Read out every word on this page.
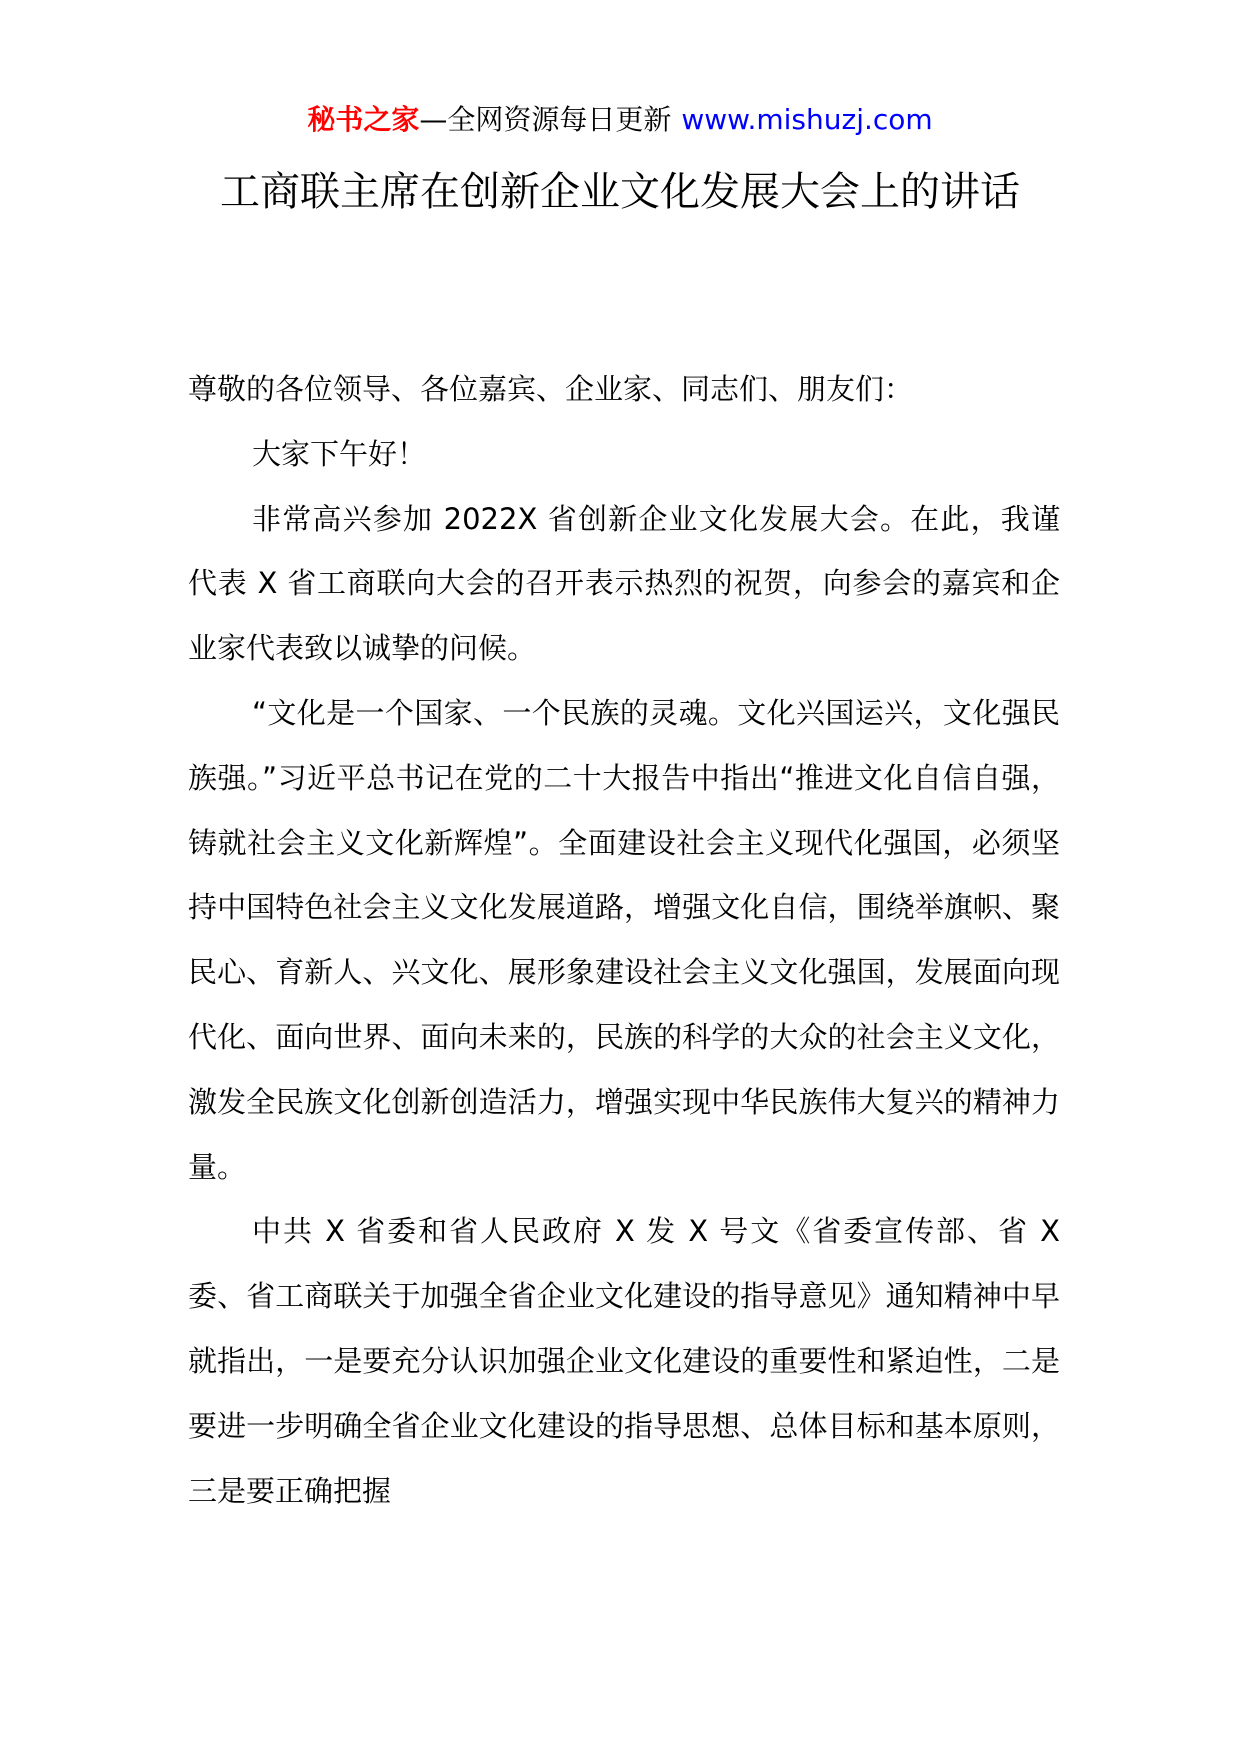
秘书之家—全网资源每日更新 www.mishuzj.com
工商联主席在创新企业文化发展大会上的讲话

尊敬的各位领导、各位嘉宾、企业家、同志们、朋友们：

大家下午好！

非常高兴参加 2022X 省创新企业文化发展大会。在此，我谨代表 X 省工商联向大会的召开表示热烈的祝贺，向参会的嘉宾和企业家代表致以诚挚的问候。

“文化是一个国家、一个民族的灵魂。文化兴国运兴，文化强民族强。”习近平总书记在党的二十大报告中指出“推进文化自信自强，铸就社会主义文化新辉煌”。全面建设社会主义现代化强国，必须坚持中国特色社会主义文化发展道路，增强文化自信，围绕举旗帜、聚民心、育新人、兴文化、展形象建设社会主义文化强国，发展面向现代化、面向世界、面向未来的，民族的科学的大众的社会主义文化，激发全民族文化创新创造活力，增强实现中华民族伟大复兴的精神力量。

中共 X 省委和省人民政府 X 发 X 号文《省委宣传部、省 X 委、省工商联关于加强全省企业文化建设的指导意见》通知精神中早就指出，一是要充分认识加强企业文化建设的重要性和紧迫性，二是要进一步明确全省企业文化建设的指导思想、总体目标和基本原则，三是要正确把握
